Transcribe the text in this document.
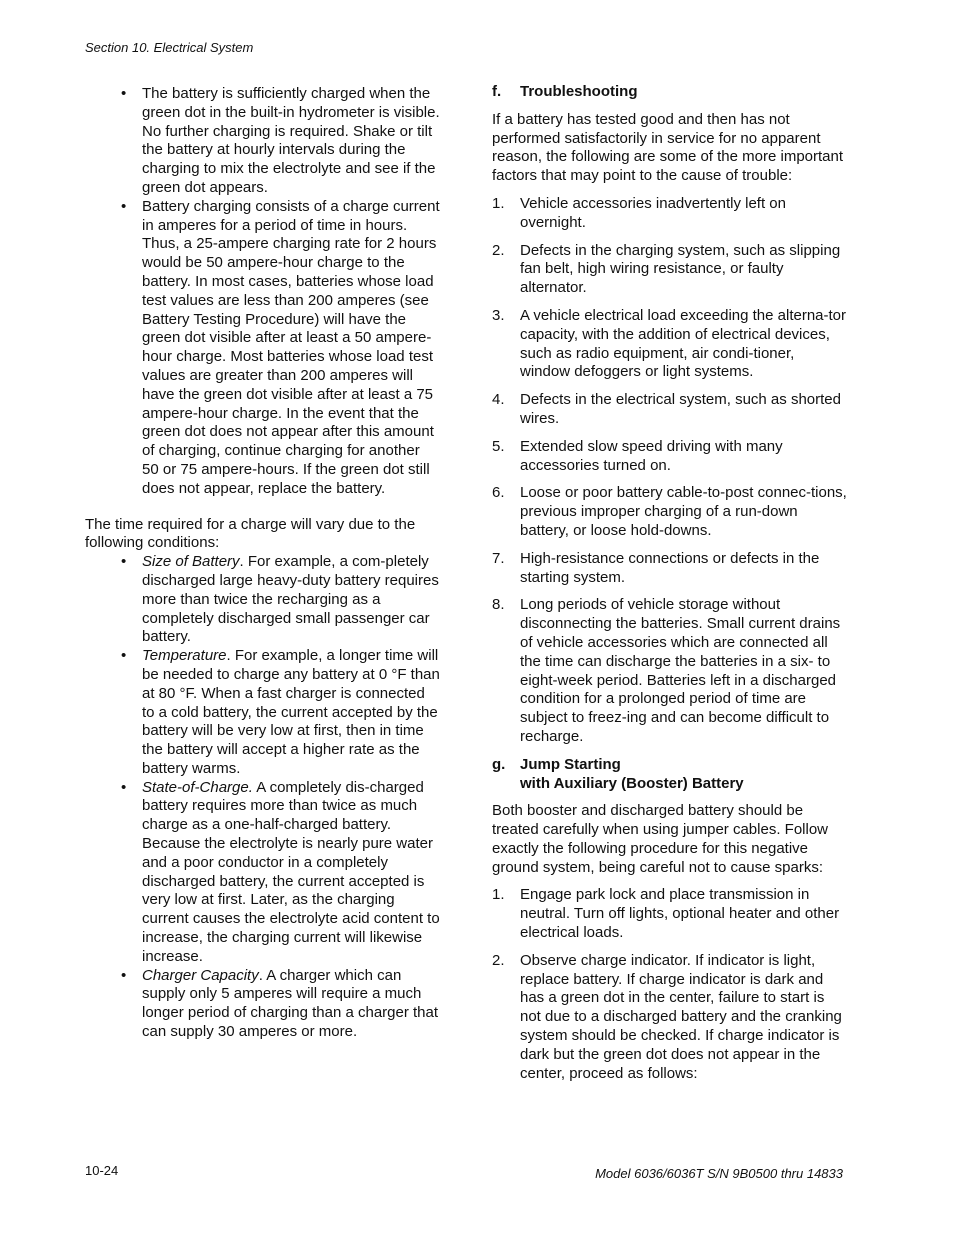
Section 10. Electrical System
• The battery is sufficiently charged when the green dot in the built-in hydrometer is visible. No further charging is required. Shake or tilt the battery at hourly intervals during the charging to mix the electrolyte and see if the green dot appears.
• Battery charging consists of a charge current in amperes for a period of time in hours. Thus, a 25-ampere charging rate for 2 hours would be 50 ampere-hour charge to the battery. In most cases, batteries whose load test values are less than 200 amperes (see Battery Testing Procedure) will have the green dot visible after at least a 50 ampere-hour charge. Most batteries whose load test values are greater than 200 amperes will have the green dot visible after at least a 75 ampere-hour charge. In the event that the green dot does not appear after this amount of charging, continue charging for another 50 or 75 ampere-hours. If the green dot still does not appear, replace the battery.

The time required for a charge will vary due to the following conditions:

• Size of Battery. For example, a com-pletely discharged large heavy-duty battery requires more than twice the recharging as a completely discharged small passenger car battery.
• Temperature. For example, a longer time will be needed to charge any battery at 0 °F than at 80 °F. When a fast charger is connected to a cold battery, the current accepted by the battery will be very low at first, then in time the battery will accept a higher rate as the battery warms.
• State-of-Charge. A completely dis-charged battery requires more than twice as much charge as a one-half-charged battery. Because the electrolyte is nearly pure water and a poor conductor in a completely discharged battery, the current accepted is very low at first. Later, as the charging current causes the electrolyte acid content to increase, the charging current will likewise increase.
• Charger Capacity. A charger which can supply only 5 amperes will require a much longer period of charging than a charger that can supply 30 amperes or more.
f.	Troubleshooting

If a battery has tested good and then has not performed satisfactorily in service for no apparent reason, the following are some of the more important factors that may point to the cause of trouble:

1. Vehicle accessories inadvertently left on overnight.
2. Defects in the charging system, such as slipping fan belt, high wiring resistance, or faulty alternator.
3. A vehicle electrical load exceeding the alterna-tor capacity, with the addition of electrical devices, such as radio equipment, air condi-tioner, window defoggers or light systems.
4. Defects in the electrical system, such as shorted wires.
5. Extended slow speed driving with many accessories turned on.
6. Loose or poor battery cable-to-post connec-tions, previous improper charging of a run-down battery, or loose hold-downs.
7. High-resistance connections or defects in the starting system.
8. Long periods of vehicle storage without disconnecting the batteries. Small current drains of vehicle accessories which are connected all the time can discharge the batteries in a six- to eight-week period. Batteries left in a discharged condition for a prolonged period of time are subject to freez-ing and can become difficult to recharge.
g. Jump Starting
with Auxiliary (Booster) Battery

Both booster and discharged battery should be treated carefully when using jumper cables. Follow exactly the following procedure for this negative ground system, being careful not to cause sparks:

1. Engage park lock and place transmission in neutral. Turn off lights, optional heater and other electrical loads.
2. Observe charge indicator. If indicator is light, replace battery. If charge indicator is dark and has a green dot in the center, failure to start is not due to a discharged battery and the cranking system should be checked. If charge indicator is dark but the green dot does not appear in the center, proceed as follows:
10-24	Model 6036/6036T S/N 9B0500 thru 14833
